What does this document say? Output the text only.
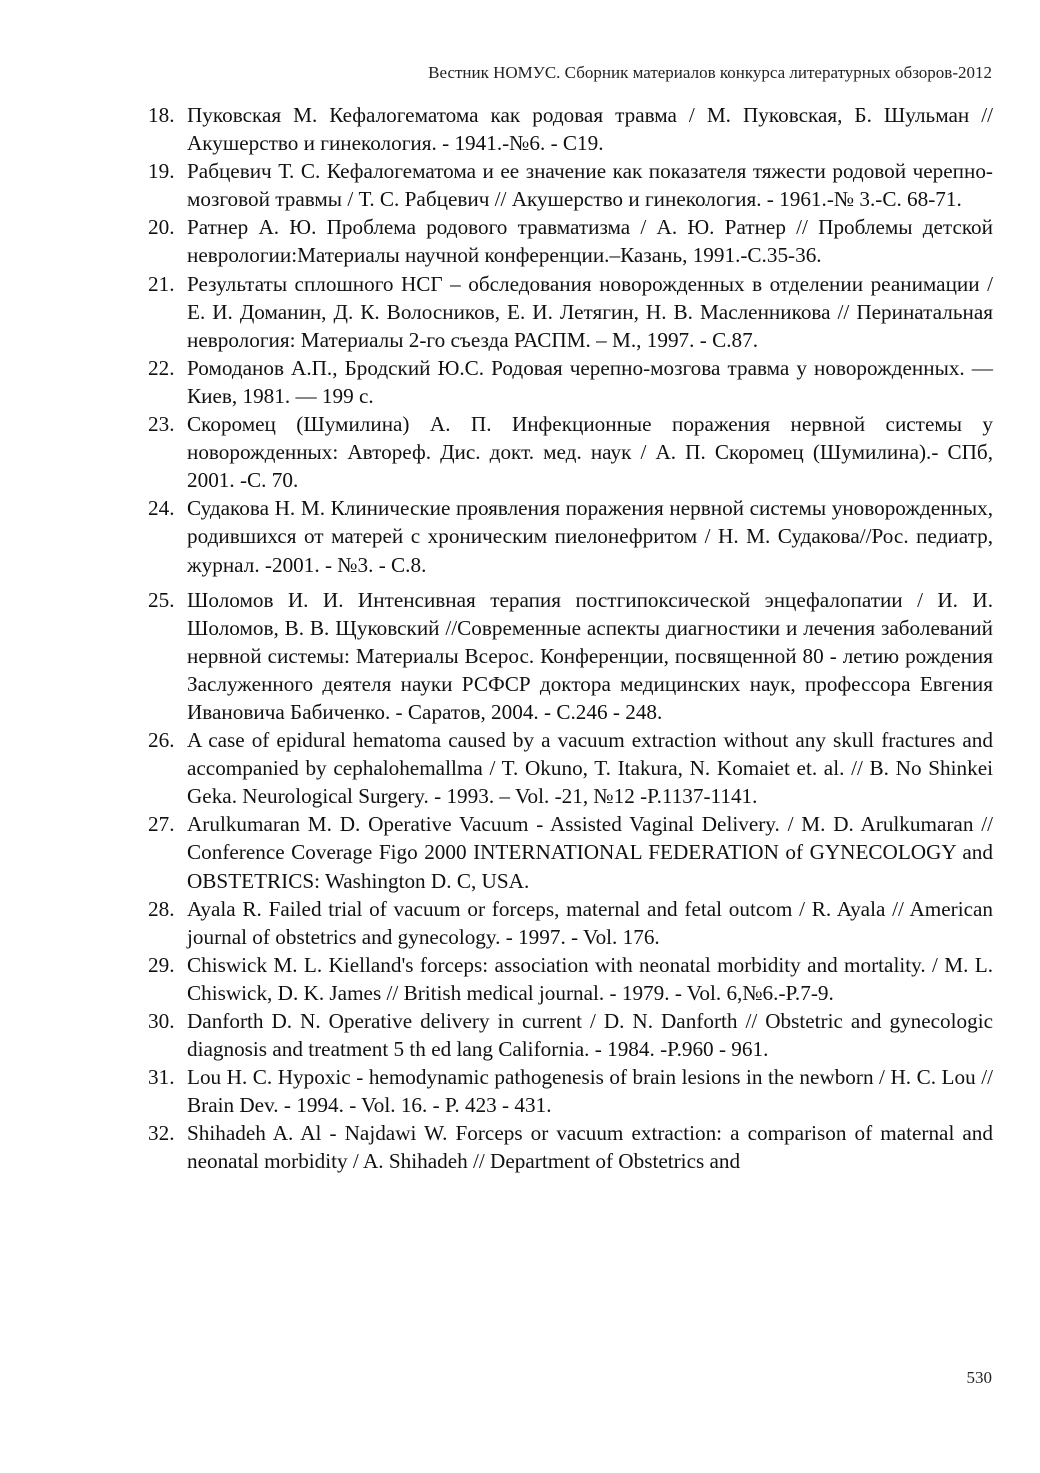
Вестник НОМУС. Сборник материалов конкурса литературных обзоров-2012
18. Пуковская М. Кефалогематома как родовая травма / М. Пуковская, Б. Шульман // Акушерство и гинекология. - 1941.-№6. - С19.
19. Рабцевич Т. С. Кефалогематома и ее значение как показателя тяжести родовой черепно-мозговой травмы / Т. С. Рабцевич // Акушерство и гинекология. - 1961.-№ 3.-С. 68-71.
20. Ратнер А. Ю. Проблема родового травматизма / А. Ю. Ратнер // Проблемы детской неврологии:Материалы научной конференции.–Казань, 1991.-С.35-36.
21. Результаты сплошного НСГ – обследования новорожденных в отделении реанимации / Е. И. Доманин, Д. К. Волосников, Е. И. Летягин, Н. В. Масленникова // Перинатальная неврология: Материалы 2-го съезда РАСПМ. – М., 1997. - С.87.
22. Ромоданов А.П., Бродский Ю.С. Родовая черепно-мозгова травма у новорожденных. — Киев, 1981. — 199 с.
23. Скоромец (Шумилина) А. П. Инфекционные поражения нервной системы у новорожденных: Автореф. Дис. докт. мед. наук / А. П. Скоромец (Шумилина).- СПб, 2001. -С. 70.
24. Судакова Н. М. Клинические проявления поражения нервной системы уноворожденных, родившихся от матерей с хроническим пиелонефритом / Н. М. Судакова//Рос. педиатр, журнал. -2001. - №3. - С.8.
25. Шоломов И. И. Интенсивная терапия постгипоксической энцефалопатии / И. И. Шоломов, В. В. Щуковский //Современные аспекты диагностики и лечения заболеваний нервной системы: Материалы Всерос. Конференции, посвященной 80 - летию рождения Заслуженного деятеля науки РСФСР доктора медицинских наук, профессора Евгения Ивановича Бабиченко. - Саратов, 2004. - С.246 - 248.
26. A case of epidural hematoma caused by a vacuum extraction without any skull fractures and accompanied by cephalohemallma / T. Okuno, T. Itakura, N. Komaiet et. al. // B. No Shinkei Geka. Neurological Surgery. - 1993. – Vol. -21, №12 -P.1137-1141.
27. Arulkumaran M. D. Operative Vacuum - Assisted Vaginal Delivery. / M. D. Arulkumaran // Conference Coverage Figo 2000 INTERNATIONAL FEDERATION of GYNECOLOGY and OBSTETRICS: Washington D. C, USA.
28. Ayala R. Failed trial of vacuum or forceps, maternal and fetal outcom / R. Ayala // American journal of obstetrics and gynecology. - 1997. - Vol. 176.
29. Chiswick M. L. Kielland's forceps: association with neonatal morbidity and mortality. / M. L. Chiswick, D. K. James // British medical journal. - 1979. - Vol. 6,№6.-P.7-9.
30. Danforth D. N. Operative delivery in current / D. N. Danforth // Obstetric and gynecologic diagnosis and treatment 5 th ed lang California. - 1984. -P.960 - 961.
31. Lou H. C. Hypoxic - hemodynamic pathogenesis of brain lesions in the newborn / H. C. Lou // Brain Dev. - 1994. - Vol. 16. - P. 423 - 431.
32. Shihadeh A. Al - Najdawi W. Forceps or vacuum extraction: a comparison of maternal and neonatal morbidity / A. Shihadeh // Department of Obstetrics and
530
